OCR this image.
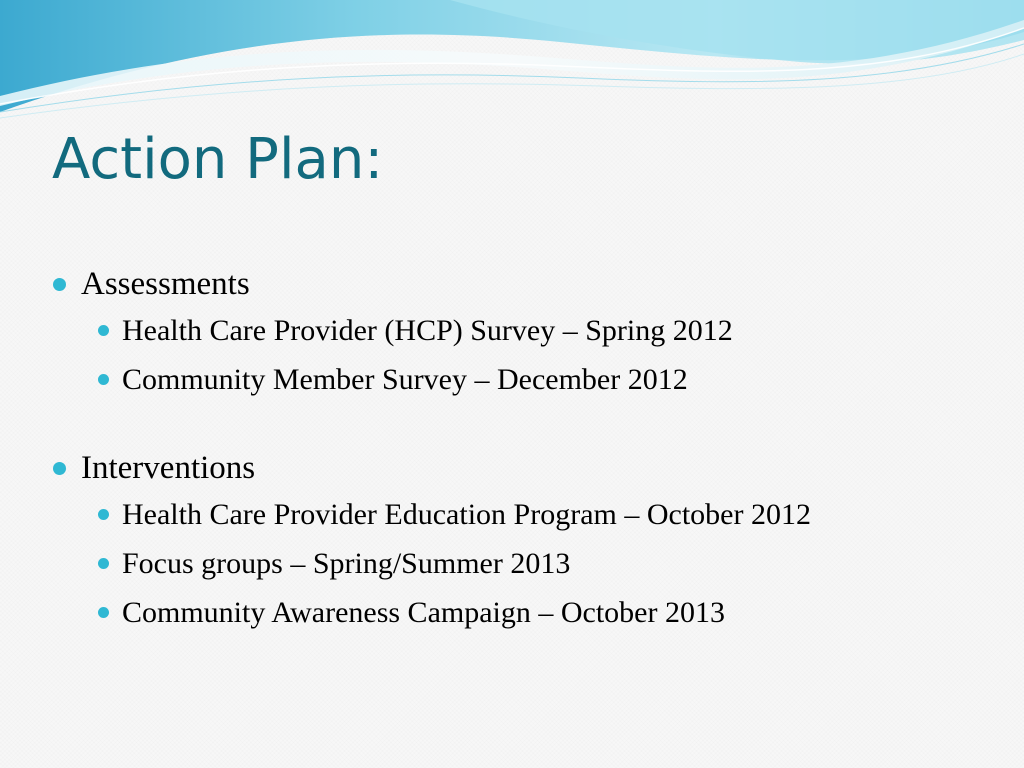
Action Plan:
Assessments
Health Care Provider (HCP) Survey – Spring 2012
Community Member Survey – December 2012
Interventions
Health Care Provider Education Program – October 2012
Focus groups – Spring/Summer 2013
Community Awareness Campaign – October 2013
